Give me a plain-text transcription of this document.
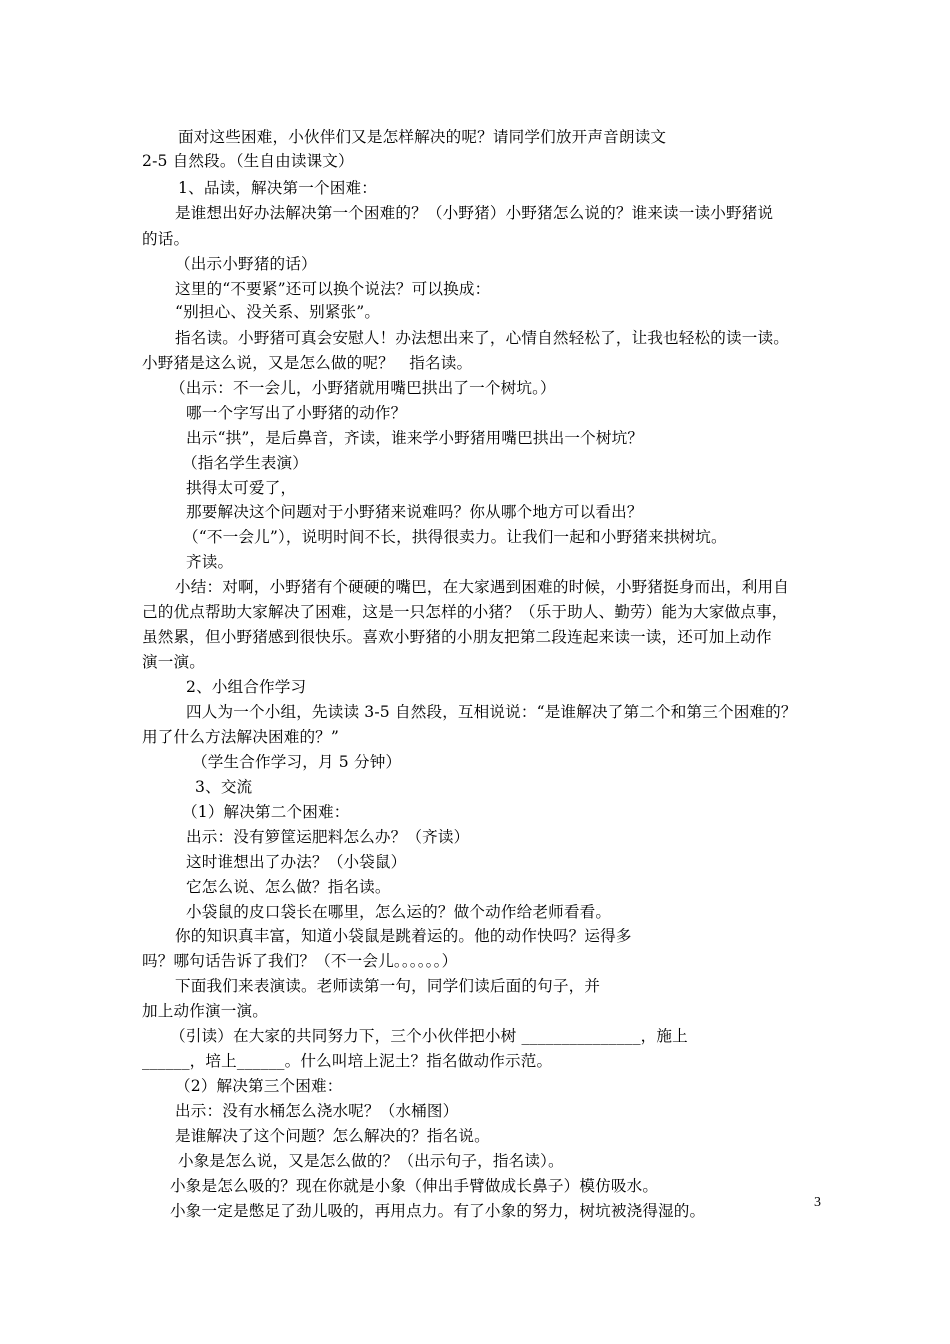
面对这些困难，小伙伴们又是怎样解决的呢？请同学们放开声音朗读文
2-5 自然段。（生自由读课文）
1、品读，解决第一个困难：
是谁想出好办法解决第一个困难的？（小野猪）小野猪怎么说的？谁来读一读小野猪说
的话。
（出示小野猪的话）
这里的“不要紧”还可以换个说法？可以换成：
“别担心、没关系、别紧张”。
指名读。小野猪可真会安慰人！办法想出来了，心情自然轻松了，让我也轻松的读一读。
小野猪是这么说，又是怎么做的呢？   指名读。
（出示：不一会儿，小野猪就用嘴巴拱出了一个树坑。）
哪一个字写出了小野猪的动作？
出示“拱”，是后鼻音，齐读，谁来学小野猪用嘴巴拱出一个树坑？
（指名学生表演）
拱得太可爱了，
那要解决这个问题对于小野猪来说难吗？你从哪个地方可以看出？
（“不一会儿”），说明时间不长，拱得很卖力。让我们一起和小野猪来拱树坑。
齐读。
小结：对啊，小野猪有个硬硬的嘴巴，在大家遇到困难的时候，小野猪挺身而出，利用自
己的优点帮助大家解决了困难，这是一只怎样的小猪？（乐于助人、勤劳）能为大家做点事，
虽然累，但小野猪感到很快乐。喜欢小野猪的小朋友把第二段连起来读一读，还可加上动作
演一演。
2、小组合作学习
四人为一个小组，先读读 3-5 自然段，互相说说：“是谁解决了第二个和第三个困难的？
用了什么方法解决困难的？”
（学生合作学习，月 5 分钟）
3、交流
（1）解决第二个困难：
出示：没有箩筐运肥料怎么办？（齐读）
这时谁想出了办法？（小袋鼠）
它怎么说、怎么做？指名读。
小袋鼠的皮口袋长在哪里，怎么运的？做个动作给老师看看。
你的知识真丰富，知道小袋鼠是跳着运的。他的动作快吗？运得多
吗？哪句话告诉了我们？（不一会儿。。。。。。）
下面我们来表演读。老师读第一句，同学们读后面的句子，并
加上动作演一演。
（引读）在大家的共同努力下，三个小伙伴把小树 _______________，施上
______，培上______。什么叫培上泥土？指名做动作示范。
（2）解决第三个困难：
出示：没有水桶怎么浇水呢？（水桶图）
是谁解决了这个问题？怎么解决的？指名说。
小象是怎么说，又是怎么做的？（出示句子，指名读）。
小象是怎么吸的？现在你就是小象（伸出手臂做成长鼻子）模仿吸水。
小象一定是憋足了劲儿吸的，再用点力。有了小象的努力，树坑被浇得湿的。	3
